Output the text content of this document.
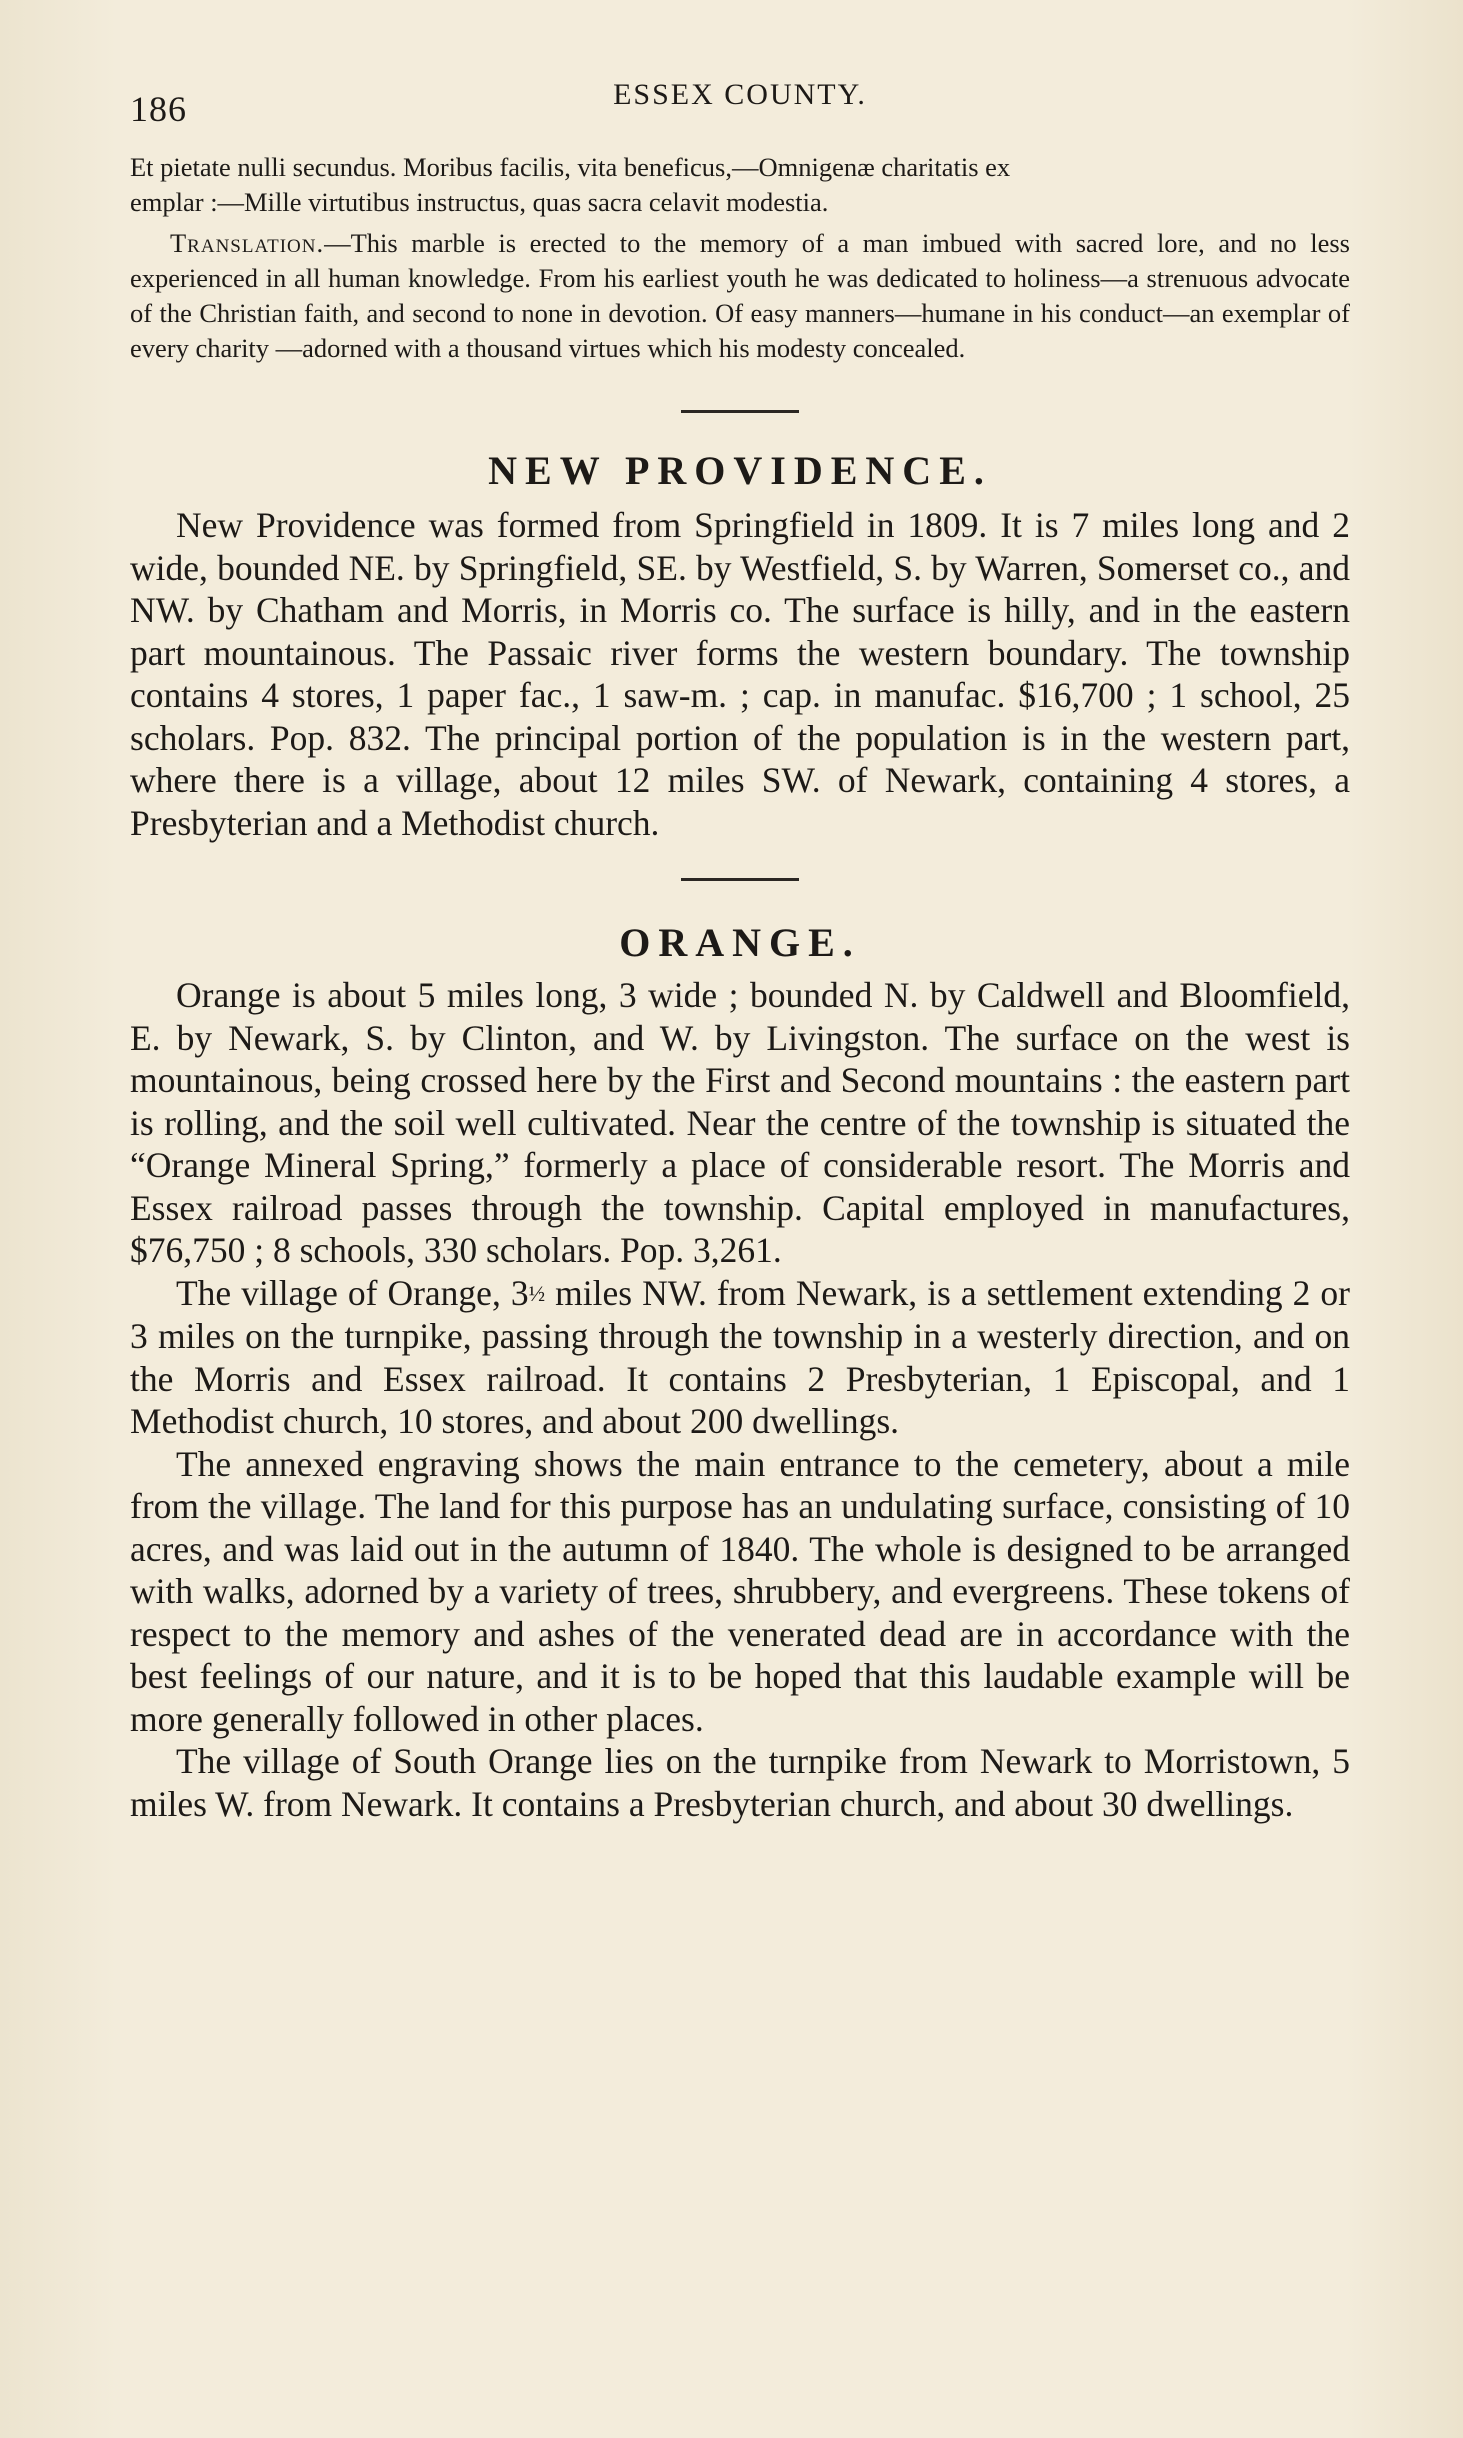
186	ESSEX COUNTY.

Et pietate nulli secundus. Moribus facilis, vita beneficus,—Omnigenæ charitatis ex

emplar :—Mille virtutibus instructus, quas sacra celavit modestia.

Translation.—This marble is erected to the memory of a man imbued with sacred lore, and no less experienced in all human knowledge. From his earliest youth he was dedicated to holiness—a strenuous advocate of the Christian faith, and second to none in devotion. Of easy manners—humane in his conduct—an exemplar of every charity —adorned with a thousand virtues which his modesty concealed.

NEW PROVIDENCE.

New Providence was formed from Springfield in 1809. It is 7 miles long and 2 wide, bounded NE. by Springfield, SE. by Westfield, S. by Warren, Somerset co., and NW. by Chatham and Morris, in Morris co. The surface is hilly, and in the eastern part mountainous. The Passaic river forms the western boundary. The township contains 4 stores, 1 paper fac., 1 saw-m. ; cap. in manufac. $16,700 ; 1 school, 25 scholars. Pop. 832. The principal portion of the population is in the western part, where there is a village, about 12 miles SW. of Newark, containing 4 stores, a Presbyterian and a Methodist church.

ORANGE.

Orange is about 5 miles long, 3 wide ; bounded N. by Caldwell and Bloomfield, E. by Newark, S. by Clinton, and W. by Livingston. The surface on the west is mountainous, being crossed here by the First and Second mountains : the eastern part is rolling, and the soil well cultivated. Near the centre of the township is situated the “Orange Mineral Spring,” formerly a place of considerable resort. The Morris and Essex railroad passes through the township. Capital employed in manufactures, $76,750 ; 8 schools, 330 scholars. Pop. 3,261.

The village of Orange, 3½ miles NW. from Newark, is a settlement extending 2 or 3 miles on the turnpike, passing through the township in a westerly direction, and on the Morris and Essex railroad. It contains 2 Presbyterian, 1 Episcopal, and 1 Methodist church, 10 stores, and about 200 dwellings.

The annexed engraving shows the main entrance to the cemetery, about a mile from the village. The land for this purpose has an undulating surface, consisting of 10 acres, and was laid out in the autumn of 1840. The whole is designed to be arranged with walks, adorned by a variety of trees, shrubbery, and evergreens. These tokens of respect to the memory and ashes of the venerated dead are in accordance with the best feelings of our nature, and it is to be hoped that this laudable example will be more generally followed in other places.

The village of South Orange lies on the turnpike from Newark to Morristown, 5 miles W. from Newark. It contains a Presbyterian church, and about 30 dwellings.
